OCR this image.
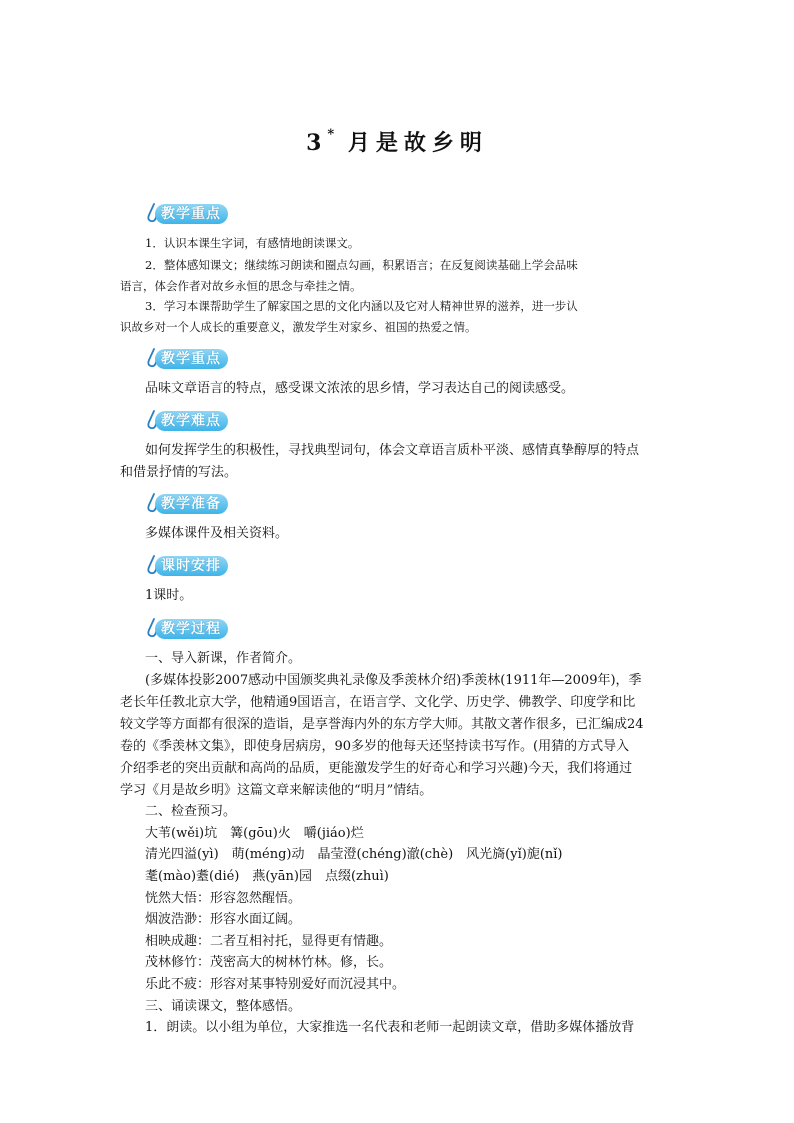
3* 月是故乡明
教学重点
1．认识本课生字词，有感情地朗读课文。
2．整体感知课文；继续练习朗读和圈点勾画，积累语言；在反复阅读基础上学会品味
语言，体会作者对故乡永恒的思念与牵挂之情。
3．学习本课帮助学生了解家国之思的文化内涵以及它对人精神世界的滋养，进一步认
识故乡对一个人成长的重要意义，激发学生对家乡、祖国的热爱之情。
教学重点
品味文章语言的特点，感受课文浓浓的思乡情，学习表达自己的阅读感受。
教学难点
如何发挥学生的积极性，寻找典型词句，体会文章语言质朴平淡、感情真挚醇厚的特点
和借景抒情的写法。
教学准备
多媒体课件及相关资料。
课时安排
1课时。
教学过程
一、导入新课，作者简介。
(多媒体投影2007感动中国颁奖典礼录像及季羡林介绍)季羡林(1911年—2009年)，季
老长年任教北京大学，他精通9国语言，在语言学、文化学、历史学、佛教学、印度学和比
较文学等方面都有很深的造诣，是享誉海内外的东方学大师。其散文著作很多，已汇编成24
卷的《季羡林文集》，即使身居病房，90多岁的他每天还坚持读书写作。(用猜的方式导入
介绍季老的突出贡献和高尚的品质，更能激发学生的好奇心和学习兴趣)今天，我们将通过
学习《月是故乡明》这篇文章来解读他的“明月”情结。
二、检查预习。
大苇(wěi)坑　篝(gōu)火　嚼(jiáo)烂
清光四溢(yì)　萌(méng)动　晶莹澄(chéng)澈(chè)　风光旖(yǐ)旎(nǐ)
耄(mào)耋(dié)　燕(yān)园　点缀(zhuì)
恍然大悟：形容忽然醒悟。
烟波浩渺：形容水面辽阔。
相映成趣：二者互相衬托，显得更有情趣。
茂林修竹：茂密高大的树林竹林。修，长。
乐此不疲：形容对某事特别爱好而沉浸其中。
三、诵读课文，整体感悟。
1．朗读。以小组为单位，大家推选一名代表和老师一起朗读文章，借助多媒体播放背
